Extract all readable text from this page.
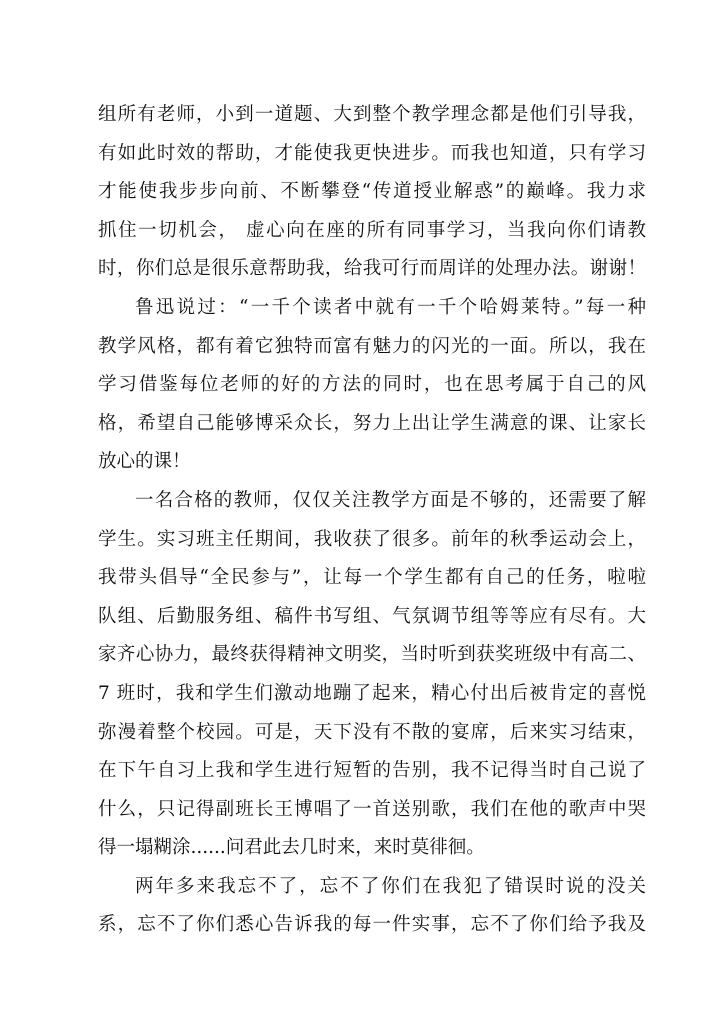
组所有老师，小到一道题、大到整个教学理念都是他们引导我，
有如此时效的帮助，才能使我更快进步。而我也知道，只有学习
才能使我步步向前、不断攀登“传道授业解惑”的巅峰。我力求
抓住一切机会， 虚心向在座的所有同事学习，当我向你们请教
时，你们总是很乐意帮助我，给我可行而周详的处理办法。谢谢！
鲁迅说过：“一千个读者中就有一千个哈姆莱特。”每一种
教学风格，都有着它独特而富有魅力的闪光的一面。所以，我在
学习借鉴每位老师的好的方法的同时，也在思考属于自己的风
格，希望自己能够博采众长，努力上出让学生满意的课、让家长
放心的课！
一名合格的教师，仅仅关注教学方面是不够的，还需要了解
学生。实习班主任期间，我收获了很多。前年的秋季运动会上，
我带头倡导“全民参与”，让每一个学生都有自己的任务，啦啦
队组、后勤服务组、稿件书写组、气氛调节组等等应有尽有。大
家齐心协力，最终获得精神文明奖，当时听到获奖班级中有高二、
7 班时，我和学生们激动地蹦了起来，精心付出后被肯定的喜悦
弥漫着整个校园。可是，天下没有不散的宴席，后来实习结束，
在下午自习上我和学生进行短暂的告别，我不记得当时自己说了
什么，只记得副班长王博唱了一首送别歌，我们在他的歌声中哭
得一塌糊涂......问君此去几时来，来时莫徘徊。
两年多来我忘不了，忘不了你们在我犯了错误时说的没关
系，忘不了你们悉心告诉我的每一件实事，忘不了你们给予我及
